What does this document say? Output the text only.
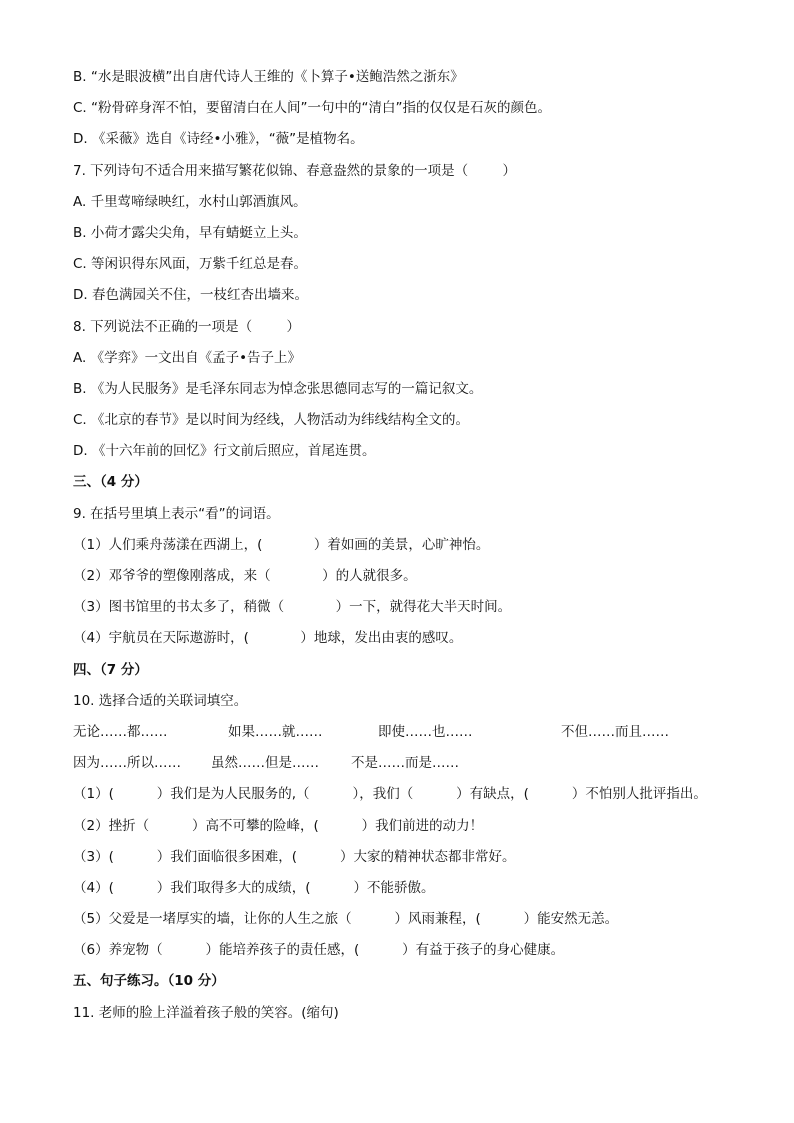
B. “水是眼波横”出自唐代诗人王维的《卜算子•送鲍浩然之浙东》
C. “粉骨碎身浑不怕，要留清白在人间”一句中的“清白”指的仅仅是石灰的颜色。
D. 《采薇》选自《诗经•小雅》，“薇”是植物名。
7. 下列诗句不适合用来描写繁花似锦、春意盎然的景象的一项是（        ）
A. 千里莺啼绿映红，水村山郭酒旗风。
B. 小荷才露尖尖角，早有蜻蜓立上头。
C. 等闲识得东风面，万紫千红总是春。
D. 春色满园关不住，一枝红杏出墙来。
8. 下列说法不正确的一项是（        ）
A. 《学弈》一文出自《孟子•告子上》
B. 《为人民服务》是毛泽东同志为悼念张思德同志写的一篇记叙文。
C. 《北京的春节》是以时间为经线，人物活动为纬线结构全文的。
D. 《十六年前的回忆》行文前后照应，首尾连贯。
三、（4 分）
9. 在括号里填上表示“看”的词语。
（1）人们乘舟荡漾在西湖上，(            ）着如画的美景，心旷神怡。
（2）邓爷爷的塑像刚落成，来（            ）的人就很多。
（3）图书馆里的书太多了，稍微（            ）一下，就得花大半天时间。
（4）宇航员在天际遨游时，(            ）地球，发出由衷的感叹。
四、（7 分）
10. 选择合适的关联词填空。
无论……都……	如果……就……	即使……也……	不但……而且……
因为……所以…… 虽然……但是…… 不是……而是……
（1）(          ）我们是为人民服务的,（          ），我们（          ）有缺点，(          ）不怕别人批评指出。
（2）挫折（          ）高不可攀的险峰，(          ）我们前进的动力！
（3）(          ）我们面临很多困难，(          ）大家的精神状态都非常好。
（4）(          ）我们取得多大的成绩，(          ）不能骄傲。
（5）父爱是一堵厚实的墙，让你的人生之旅（          ）风雨兼程，(          ）能安然无恙。
（6）养宠物（          ）能培养孩子的责任感，(          ）有益于孩子的身心健康。
五、句子练习。（10 分）
11. 老师的脸上洋溢着孩子般的笑容。(缩句)
